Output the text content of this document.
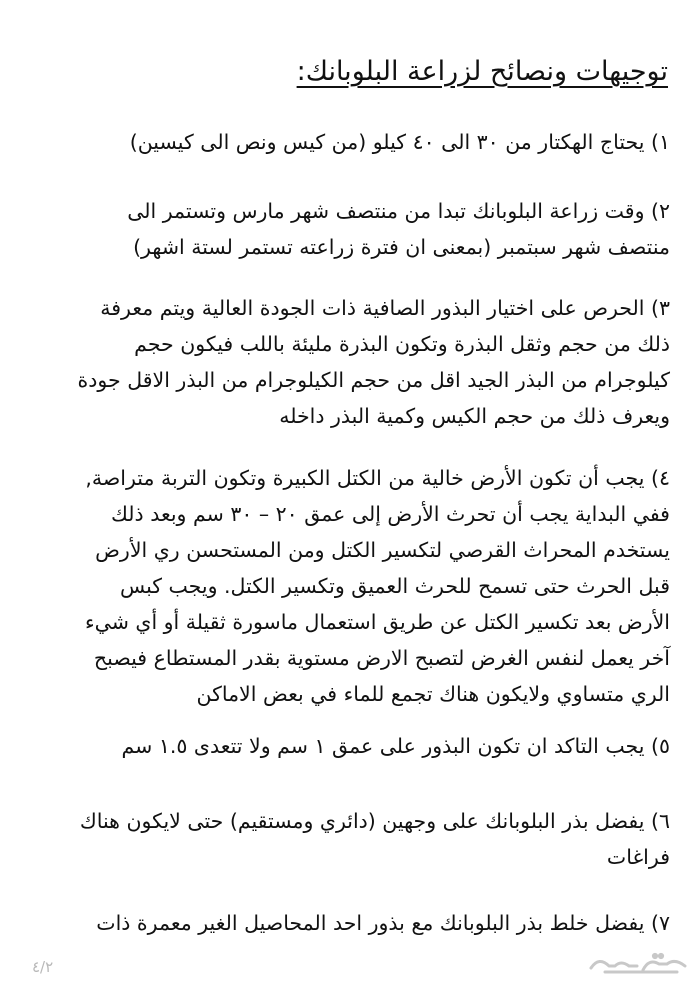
توجيهات ونصائح لزراعة البلوبانك:

١) يحتاج الهكتار من ٣٠ الى ٤٠ كيلو (من كيس ونص الى كيسين)

٢) وقت زراعة البلوبانك تبدا من منتصف شهر مارس وتستمر الى
منتصف شهر سبتمبر (بمعنى ان فترة زراعته تستمر لستة اشهر)

٣) الحرص على اختيار البذور الصافية ذات الجودة العالية ويتم معرفة
ذلك من حجم وثقل البذرة وتكون البذرة مليئة باللب فيكون حجم
كيلوجرام من البذر الجيد اقل من حجم الكيلوجرام من البذر الاقل جودة
ويعرف ذلك من حجم الكيس وكمية البذر داخله

٤) يجب أن تكون الأرض خالية من الكتل الكبيرة وتكون التربة متراصة,
ففي البداية يجب أن تحرث الأرض إلى عمق ٢٠ – ٣٠ سم وبعد ذلك
يستخدم المحراث القرصي لتكسير الكتل ومن المستحسن ري الأرض
قبل الحرث حتى تسمح للحرث العميق وتكسير الكتل. ويجب كبس
الأرض بعد تكسير الكتل عن طريق استعمال ماسورة ثقيلة أو أي شيء
آخر يعمل لنفس الغرض لتصبح الارض مستوية بقدر المستطاع فيصبح
الري متساوي ولايكون هناك تجمع للماء في بعض الاماكن

٥) يجب التاكد ان تكون البذور على عمق ١ سم ولا تتعدى ١.٥ سم

٦) يفضل بذر البلوبانك على وجهين (دائري ومستقيم) حتى لايكون هناك
فراغات

٧) يفضل خلط بذر البلوبانك مع بذور احد المحاصيل الغير معمرة ذات

٤/٢
